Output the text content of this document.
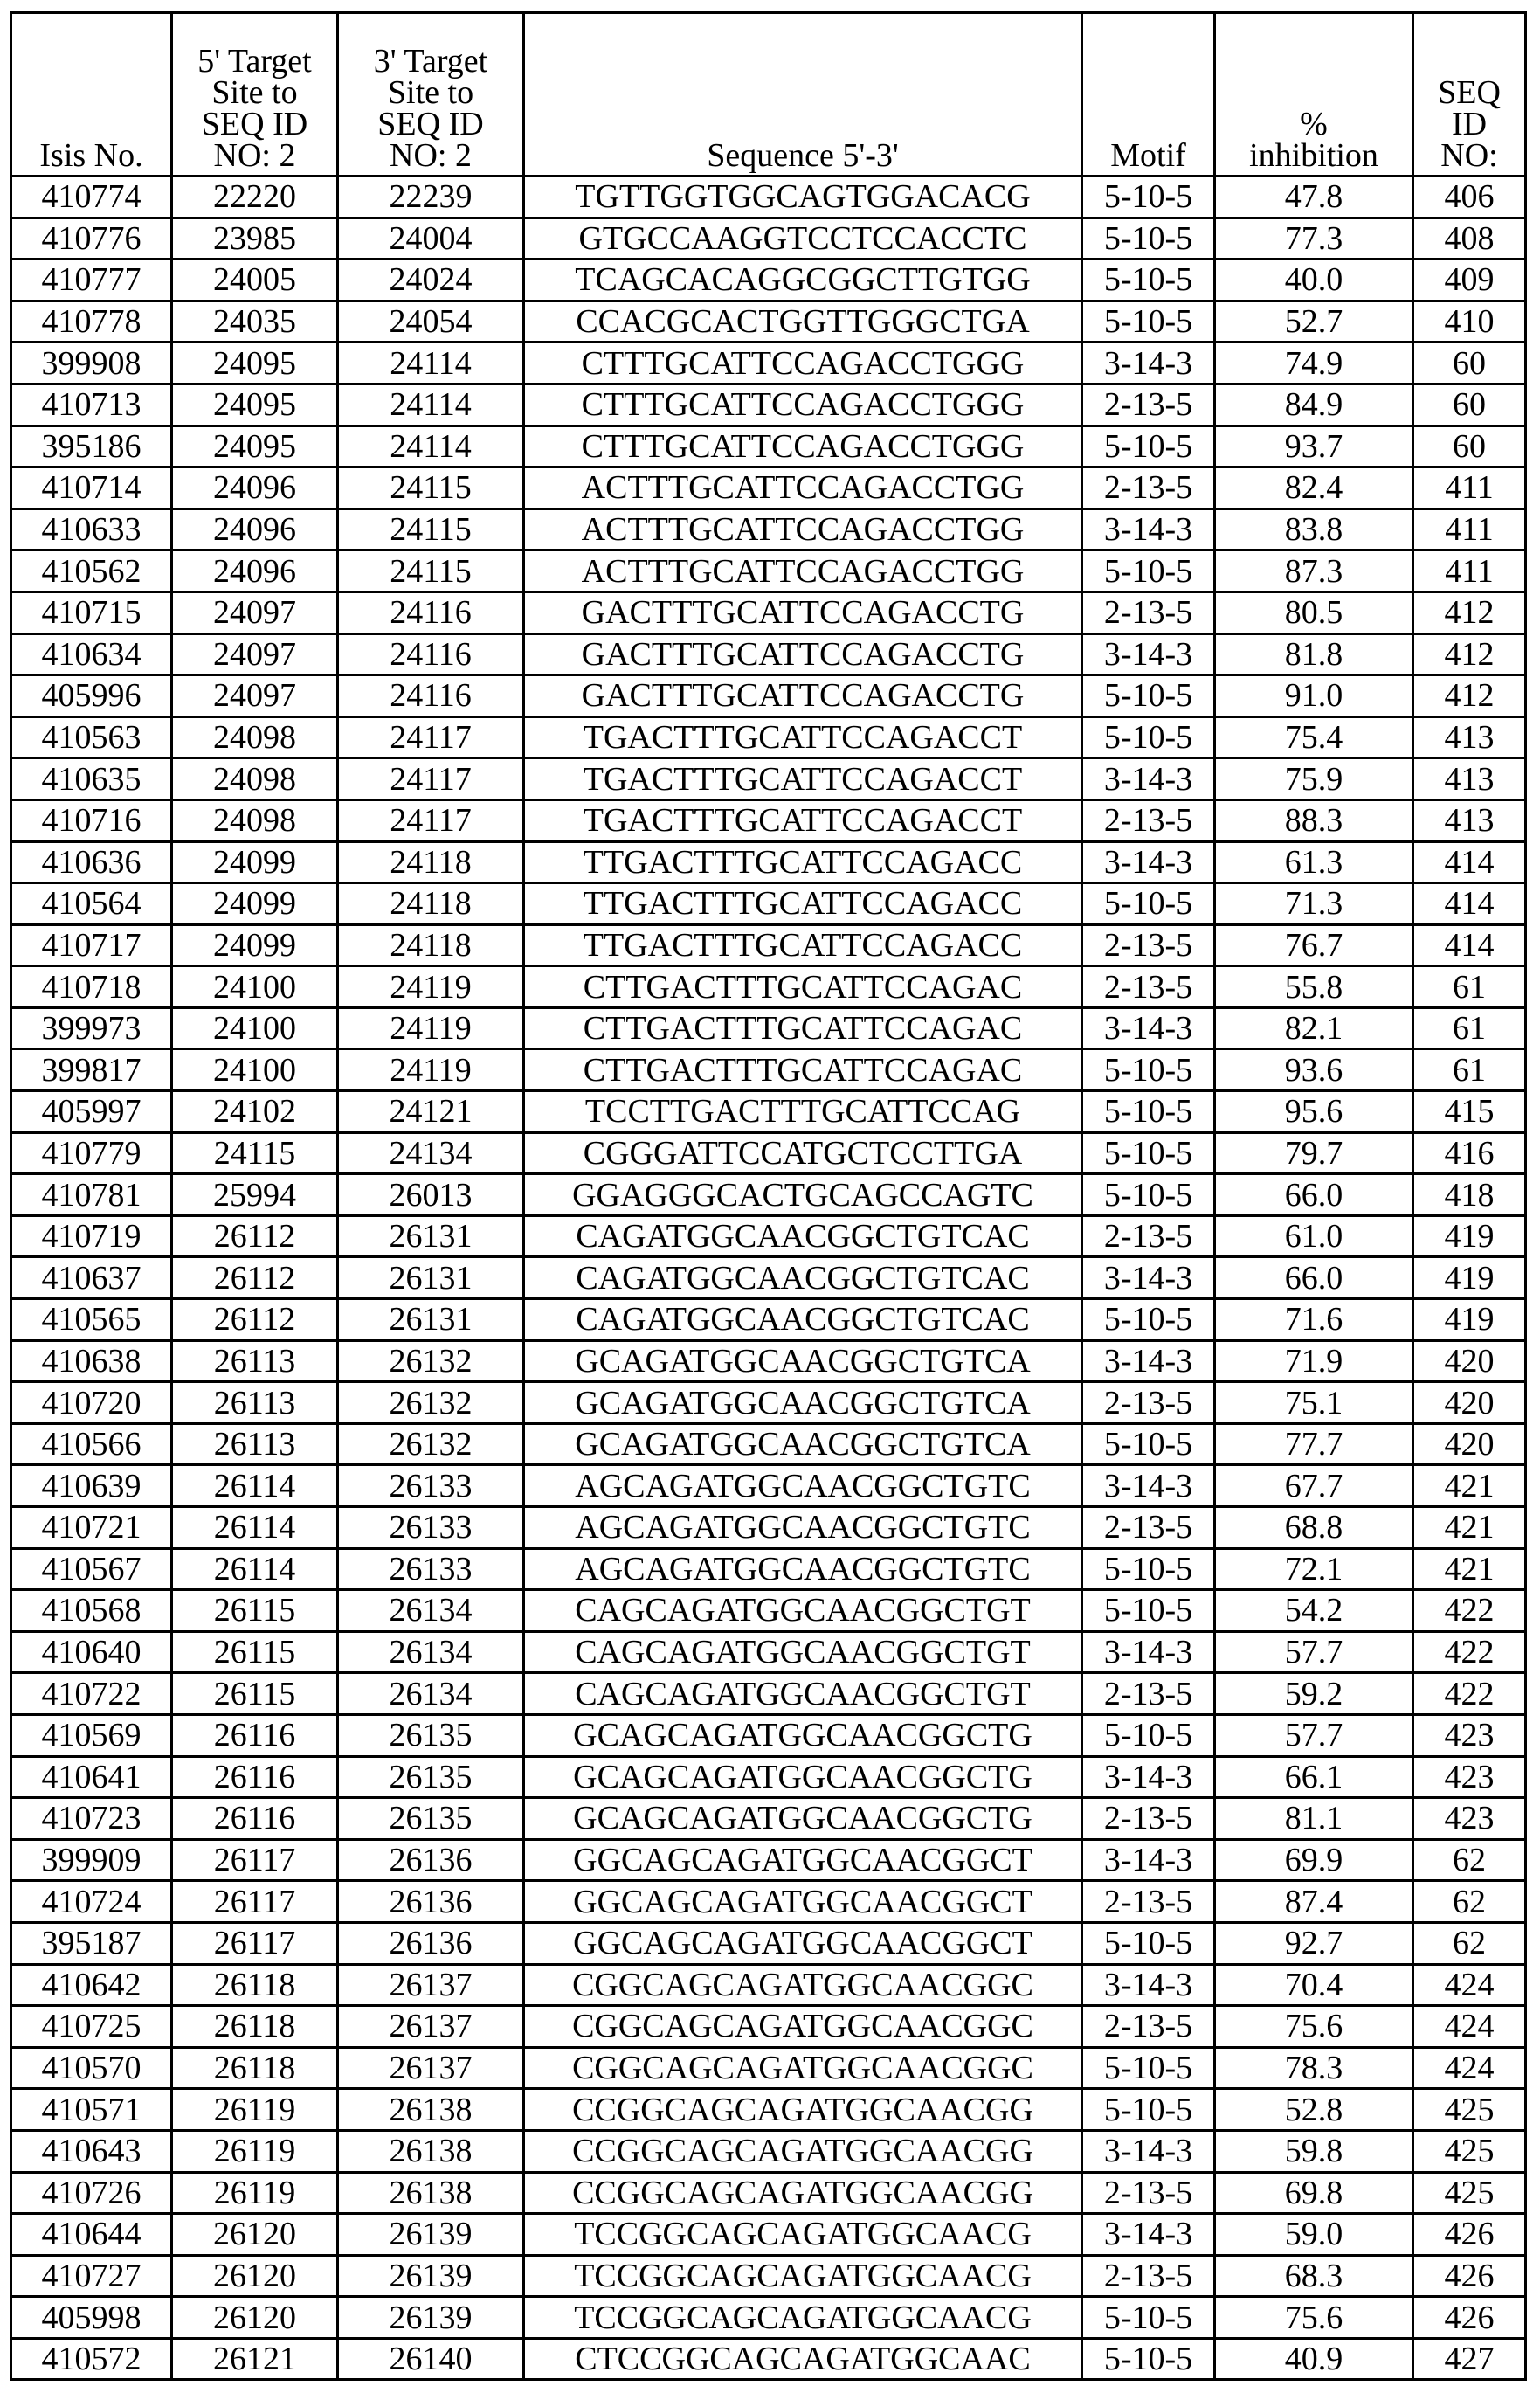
Isis No.

5' Target
Site to
SEQ ID
NO: 2

3' Target
Site to
SEQ ID
NO: 2	Sequence 5'-3'	Motif

%
inhibition

SEQ
ID
NO:

410774	22220	22239	TGTTGGTGGCAGTGGACACG	5-10-5	47.8	406
410776	23985	24004	GTGCCAAGGTCCTCCACCTC	5-10-5	77.3	408
410777	24005	24024	TCAGCACAGGCGGCTTGTGG	5-10-5	40.0	409
410778	24035	24054	CCACGCACTGGTTGGGCTGA	5-10-5	52.7	410
399908	24095	24114	CTTTGCATTCCAGACCTGGG	3-14-3	74.9	60
410713	24095	24114	CTTTGCATTCCAGACCTGGG	2-13-5	84.9	60
395186	24095	24114	CTTTGCATTCCAGACCTGGG	5-10-5	93.7	60
410714	24096	24115	ACTTTGCATTCCAGACCTGG	2-13-5	82.4	411
410633	24096	24115	ACTTTGCATTCCAGACCTGG	3-14-3	83.8	411
410562	24096	24115	ACTTTGCATTCCAGACCTGG	5-10-5	87.3	411
410715	24097	24116	GACTTTGCATTCCAGACCTG	2-13-5	80.5	412
410634	24097	24116	GACTTTGCATTCCAGACCTG	3-14-3	81.8	412
405996	24097	24116	GACTTTGCATTCCAGACCTG	5-10-5	91.0	412
410563	24098	24117	TGACTTTGCATTCCAGACCT	5-10-5	75.4	413
410635	24098	24117	TGACTTTGCATTCCAGACCT	3-14-3	75.9	413
410716	24098	24117	TGACTTTGCATTCCAGACCT	2-13-5	88.3	413
410636	24099	24118	TTGACTTTGCATTCCAGACC	3-14-3	61.3	414
410564	24099	24118	TTGACTTTGCATTCCAGACC	5-10-5	71.3	414
410717	24099	24118	TTGACTTTGCATTCCAGACC	2-13-5	76.7	414
410718	24100	24119	CTTGACTTTGCATTCCAGAC	2-13-5	55.8	61
399973	24100	24119	CTTGACTTTGCATTCCAGAC	3-14-3	82.1	61
399817	24100	24119	CTTGACTTTGCATTCCAGAC	5-10-5	93.6	61
405997	24102	24121	TCCTTGACTTTGCATTCCAG	5-10-5	95.6	415
410779	24115	24134	CGGGATTCCATGCTCCTTGA	5-10-5	79.7	416
410781	25994	26013	GGAGGGCACTGCAGCCAGTC	5-10-5	66.0	418
410719	26112	26131	CAGATGGCAACGGCTGTCAC	2-13-5	61.0	419
410637	26112	26131	CAGATGGCAACGGCTGTCAC	3-14-3	66.0	419
410565	26112	26131	CAGATGGCAACGGCTGTCAC	5-10-5	71.6	419
410638	26113	26132	GCAGATGGCAACGGCTGTCA	3-14-3	71.9	420
410720	26113	26132	GCAGATGGCAACGGCTGTCA	2-13-5	75.1	420
410566	26113	26132	GCAGATGGCAACGGCTGTCA	5-10-5	77.7	420
410639	26114	26133	AGCAGATGGCAACGGCTGTC	3-14-3	67.7	421
410721	26114	26133	AGCAGATGGCAACGGCTGTC	2-13-5	68.8	421
410567	26114	26133	AGCAGATGGCAACGGCTGTC	5-10-5	72.1	421
410568	26115	26134	CAGCAGATGGCAACGGCTGT	5-10-5	54.2	422
410640	26115	26134	CAGCAGATGGCAACGGCTGT	3-14-3	57.7	422
410722	26115	26134	CAGCAGATGGCAACGGCTGT	2-13-5	59.2	422
410569	26116	26135	GCAGCAGATGGCAACGGCTG	5-10-5	57.7	423
410641	26116	26135	GCAGCAGATGGCAACGGCTG	3-14-3	66.1	423
410723	26116	26135	GCAGCAGATGGCAACGGCTG	2-13-5	81.1	423
399909	26117	26136	GGCAGCAGATGGCAACGGCT	3-14-3	69.9	62
410724	26117	26136	GGCAGCAGATGGCAACGGCT	2-13-5	87.4	62
395187	26117	26136	GGCAGCAGATGGCAACGGCT	5-10-5	92.7	62
410642	26118	26137	CGGCAGCAGATGGCAACGGC	3-14-3	70.4	424
410725	26118	26137	CGGCAGCAGATGGCAACGGC	2-13-5	75.6	424
410570	26118	26137	CGGCAGCAGATGGCAACGGC	5-10-5	78.3	424
410571	26119	26138	CCGGCAGCAGATGGCAACGG	5-10-5	52.8	425
410643	26119	26138	CCGGCAGCAGATGGCAACGG	3-14-3	59.8	425
410726	26119	26138	CCGGCAGCAGATGGCAACGG	2-13-5	69.8	425
410644	26120	26139	TCCGGCAGCAGATGGCAACG	3-14-3	59.0	426
410727	26120	26139	TCCGGCAGCAGATGGCAACG	2-13-5	68.3	426
405998	26120	26139	TCCGGCAGCAGATGGCAACG	5-10-5	75.6	426
410572	26121	26140	CTCCGGCAGCAGATGGCAAC	5-10-5	40.9	427
